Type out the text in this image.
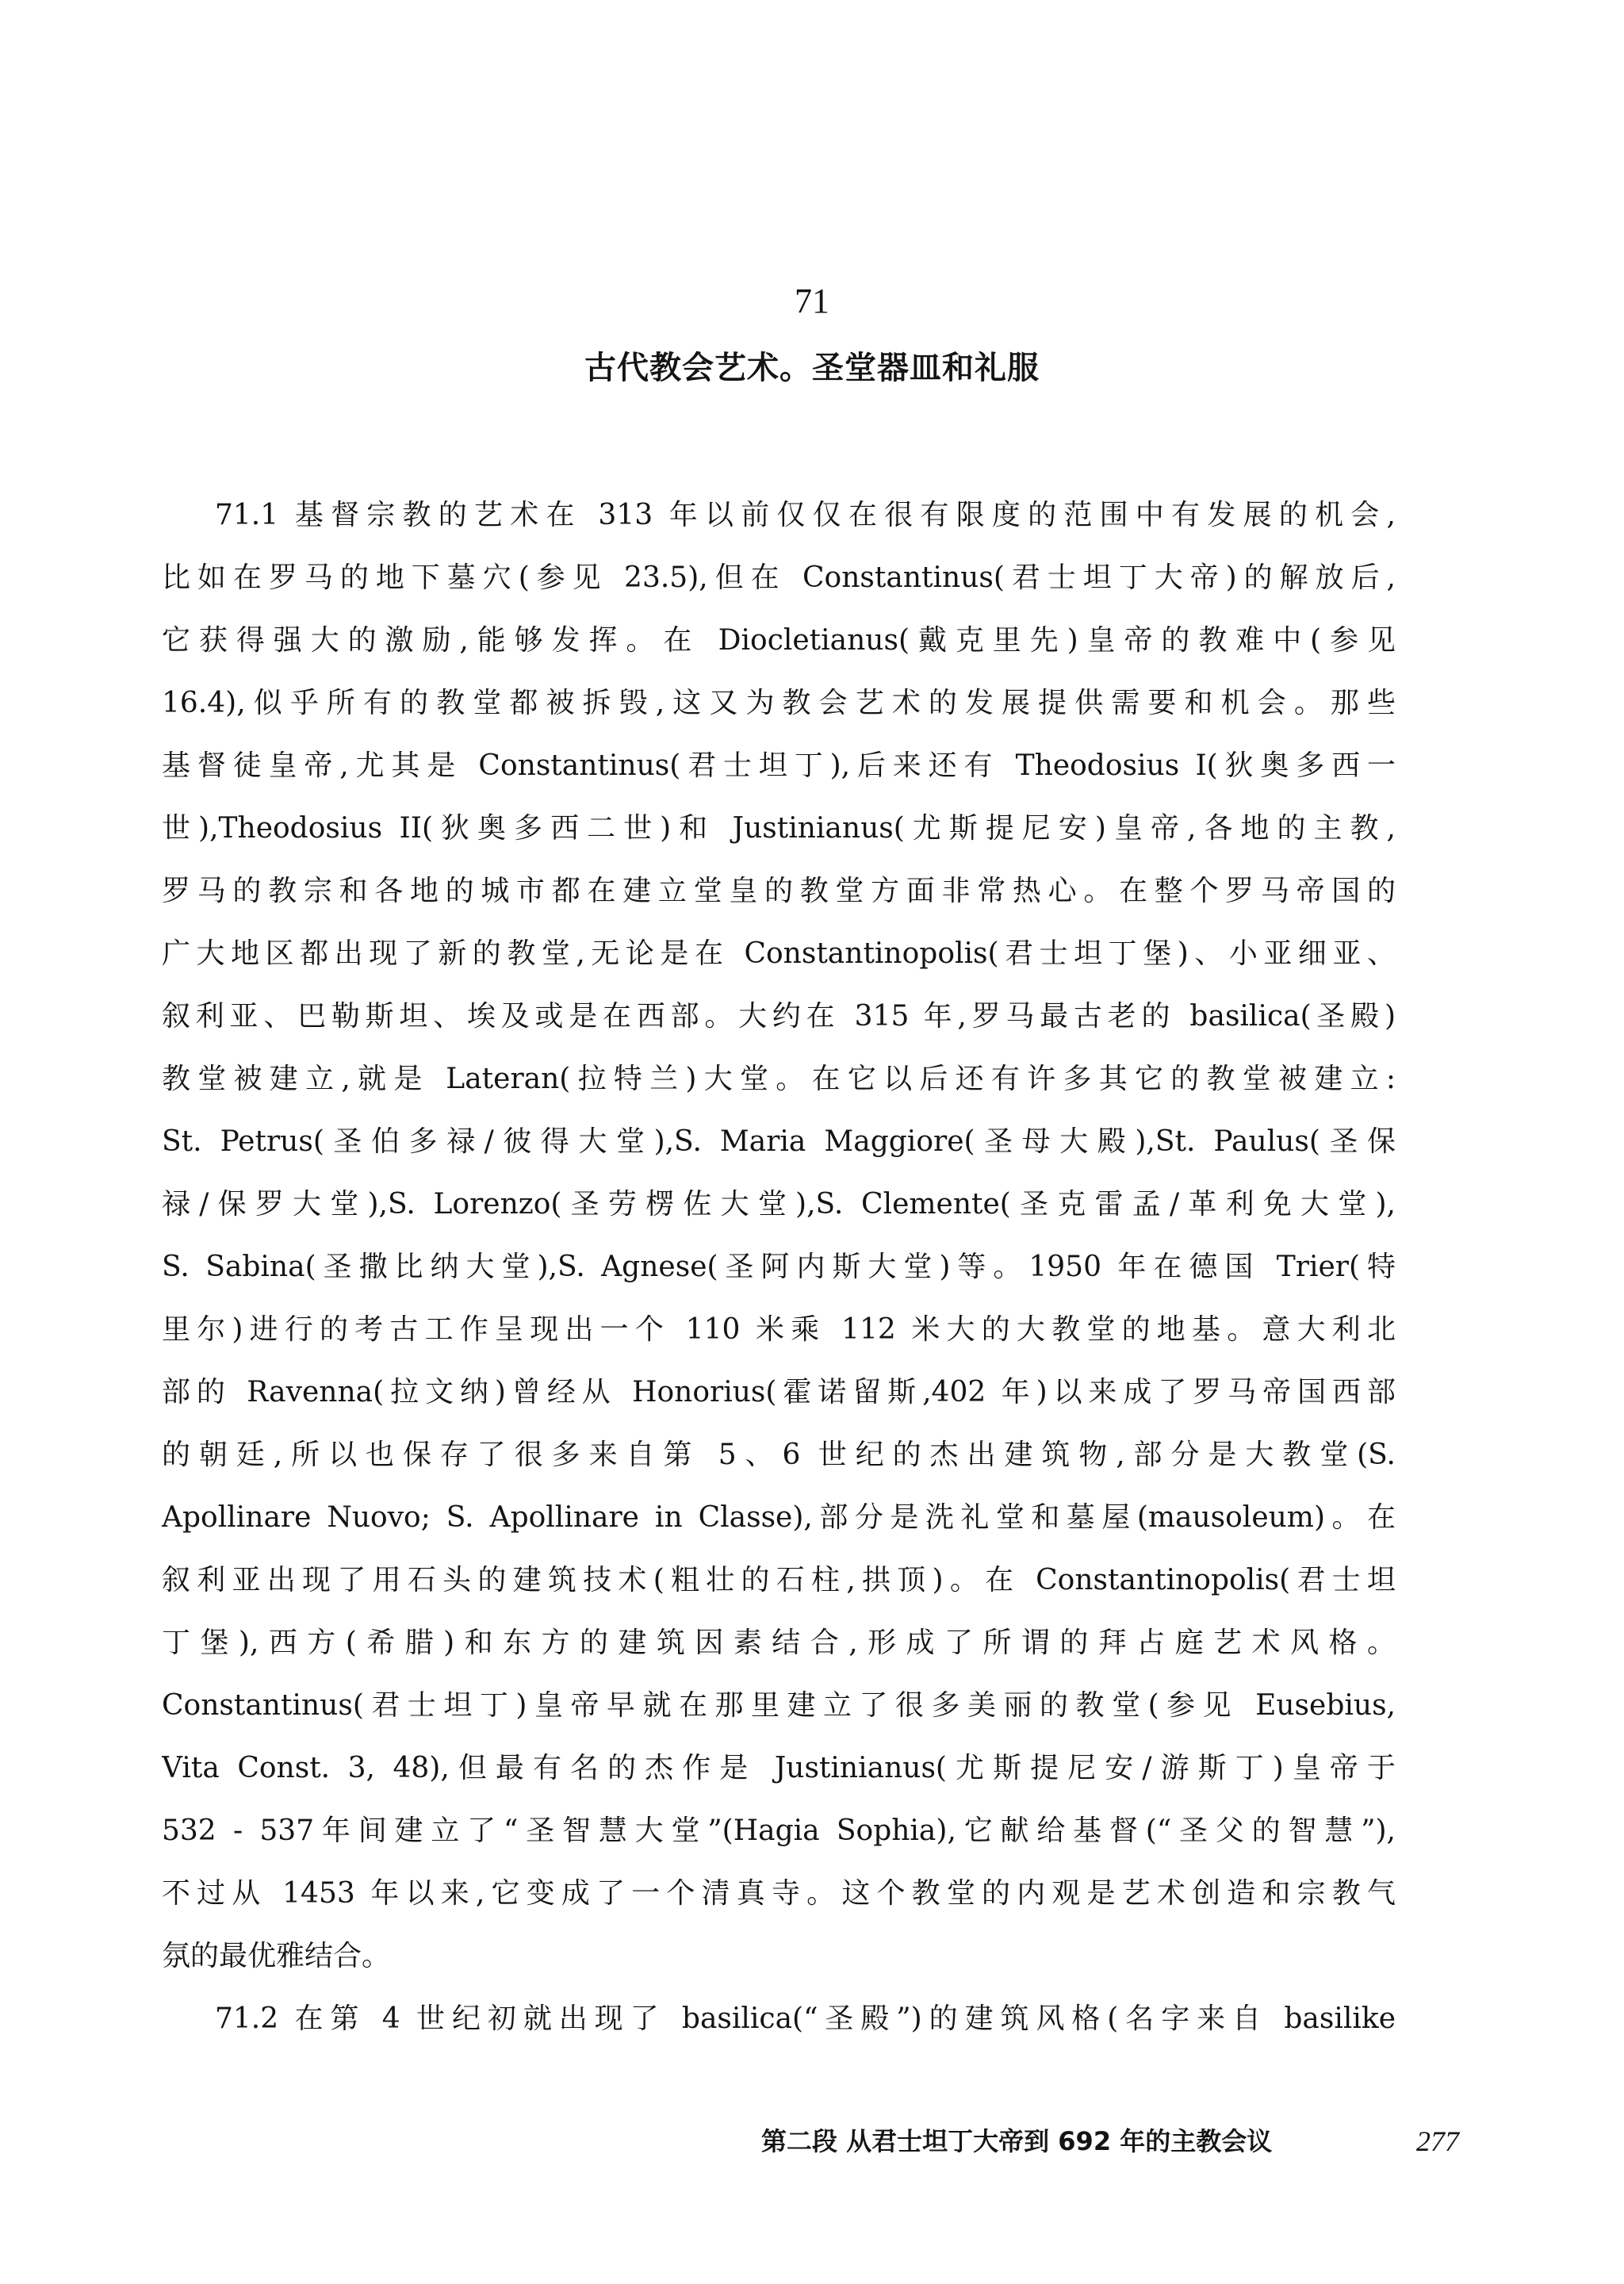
71
古代教会艺术。圣堂器皿和礼服
71.1 基督宗教的艺术在 313 年以前仅仅在很有限度的范围中有发展的机会,
比如在罗马的地下墓穴(参见 23.5),但在 Constantinus(君士坦丁大帝)的解放后,
它获得强大的激励,能够发挥。在 Diocletianus(戴克里先)皇帝的教难中(参见
16.4),似乎所有的教堂都被拆毁,这又为教会艺术的发展提供需要和机会。那些
基督徒皇帝,尤其是 Constantinus(君士坦丁),后来还有 Theodosius I(狄奥多西一
世),Theodosius II(狄奥多西二世)和 Justinianus(尤斯提尼安)皇帝,各地的主教,
罗马的教宗和各地的城市都在建立堂皇的教堂方面非常热心。在整个罗马帝国的
广大地区都出现了新的教堂,无论是在 Constantinopolis(君士坦丁堡)、小亚细亚、
叙利亚、巴勒斯坦、埃及或是在西部。大约在 315 年,罗马最古老的 basilica(圣殿)
教堂被建立,就是 Lateran(拉特兰)大堂。在它以后还有许多其它的教堂被建立:
St. Petrus(圣伯多禄/彼得大堂),S. Maria Maggiore(圣母大殿),St. Paulus(圣保
禄/保罗大堂),S. Lorenzo(圣劳楞佐大堂),S. Clemente(圣克雷孟/革利免大堂),
S. Sabina(圣撒比纳大堂),S. Agnese(圣阿内斯大堂)等。1950 年在德国 Trier(特
里尔)进行的考古工作呈现出一个 110 米乘 112 米大的大教堂的地基。意大利北
部的 Ravenna(拉文纳)曾经从 Honorius(霍诺留斯,402 年)以来成了罗马帝国西部
的朝廷,所以也保存了很多来自第 5、6 世纪的杰出建筑物,部分是大教堂(S.
Apollinare Nuovo; S. Apollinare in Classe),部分是洗礼堂和墓屋(mausoleum)。在
叙利亚出现了用石头的建筑技术(粗壮的石柱,拱顶)。在 Constantinopolis(君士坦
丁堡),西方(希腊)和东方的建筑因素结合,形成了所谓的拜占庭艺术风格。
Constantinus(君士坦丁)皇帝早就在那里建立了很多美丽的教堂(参见 Eusebius,
Vita Const. 3, 48),但最有名的杰作是 Justinianus(尤斯提尼安/游斯丁)皇帝于
532 - 537年间建立了“圣智慧大堂”(Hagia Sophia),它献给基督(“圣父的智慧”),
不过从 1453 年以来,它变成了一个清真寺。这个教堂的内观是艺术创造和宗教气
氛的最优雅结合。
71.2 在第 4 世纪初就出现了 basilica(“圣殿”)的建筑风格(名字来自 basilike
第二段 从君士坦丁大帝到 692 年的主教会议	277
